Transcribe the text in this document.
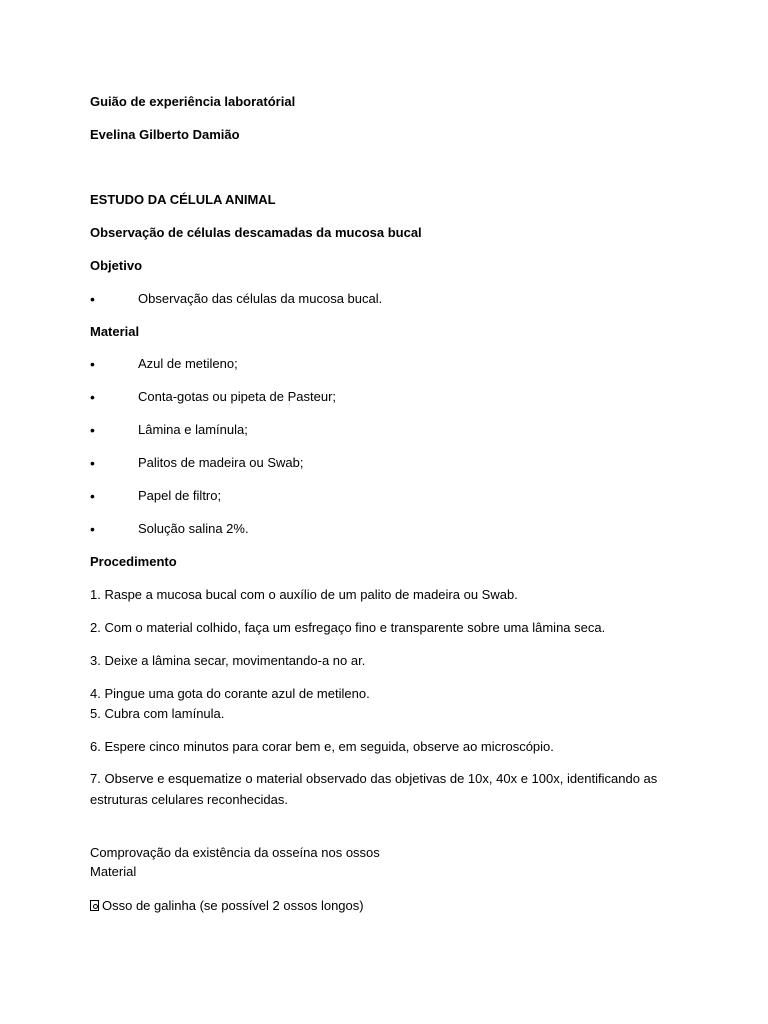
Guião de experiência laboratórial

Evelina Gilberto Damião

ESTUDO DA CÉLULA ANIMAL

Observação de células descamadas da mucosa bucal

Objetivo

•	Observação das células da mucosa bucal.

Material

•	Azul de metileno;
•	Conta-gotas ou pipeta de Pasteur;
•	Lâmina e lamínula;
•	Palitos de madeira ou Swab;
•	Papel de filtro;
•	Solução salina 2%.

Procedimento

1. Raspe a mucosa bucal com o auxílio de um palito de madeira ou Swab.

2. Com o material colhido, faça um esfregaço fino e transparente sobre uma lâmina seca.

3. Deixe a lâmina secar, movimentando-a no ar.

4. Pingue uma gota do corante azul de metileno.

5. Cubra com lamínula.

6. Espere cinco minutos para corar bem e, em seguida, observe ao microscópio.

7. Observe e esquematize o material observado das objetivas de 10x, 40x e 100x, identificando as

estruturas celulares reconhecidas.

Comprovação da existência da osseína nos ossos

Material

Osso de galinha (se possível 2 ossos longos)
